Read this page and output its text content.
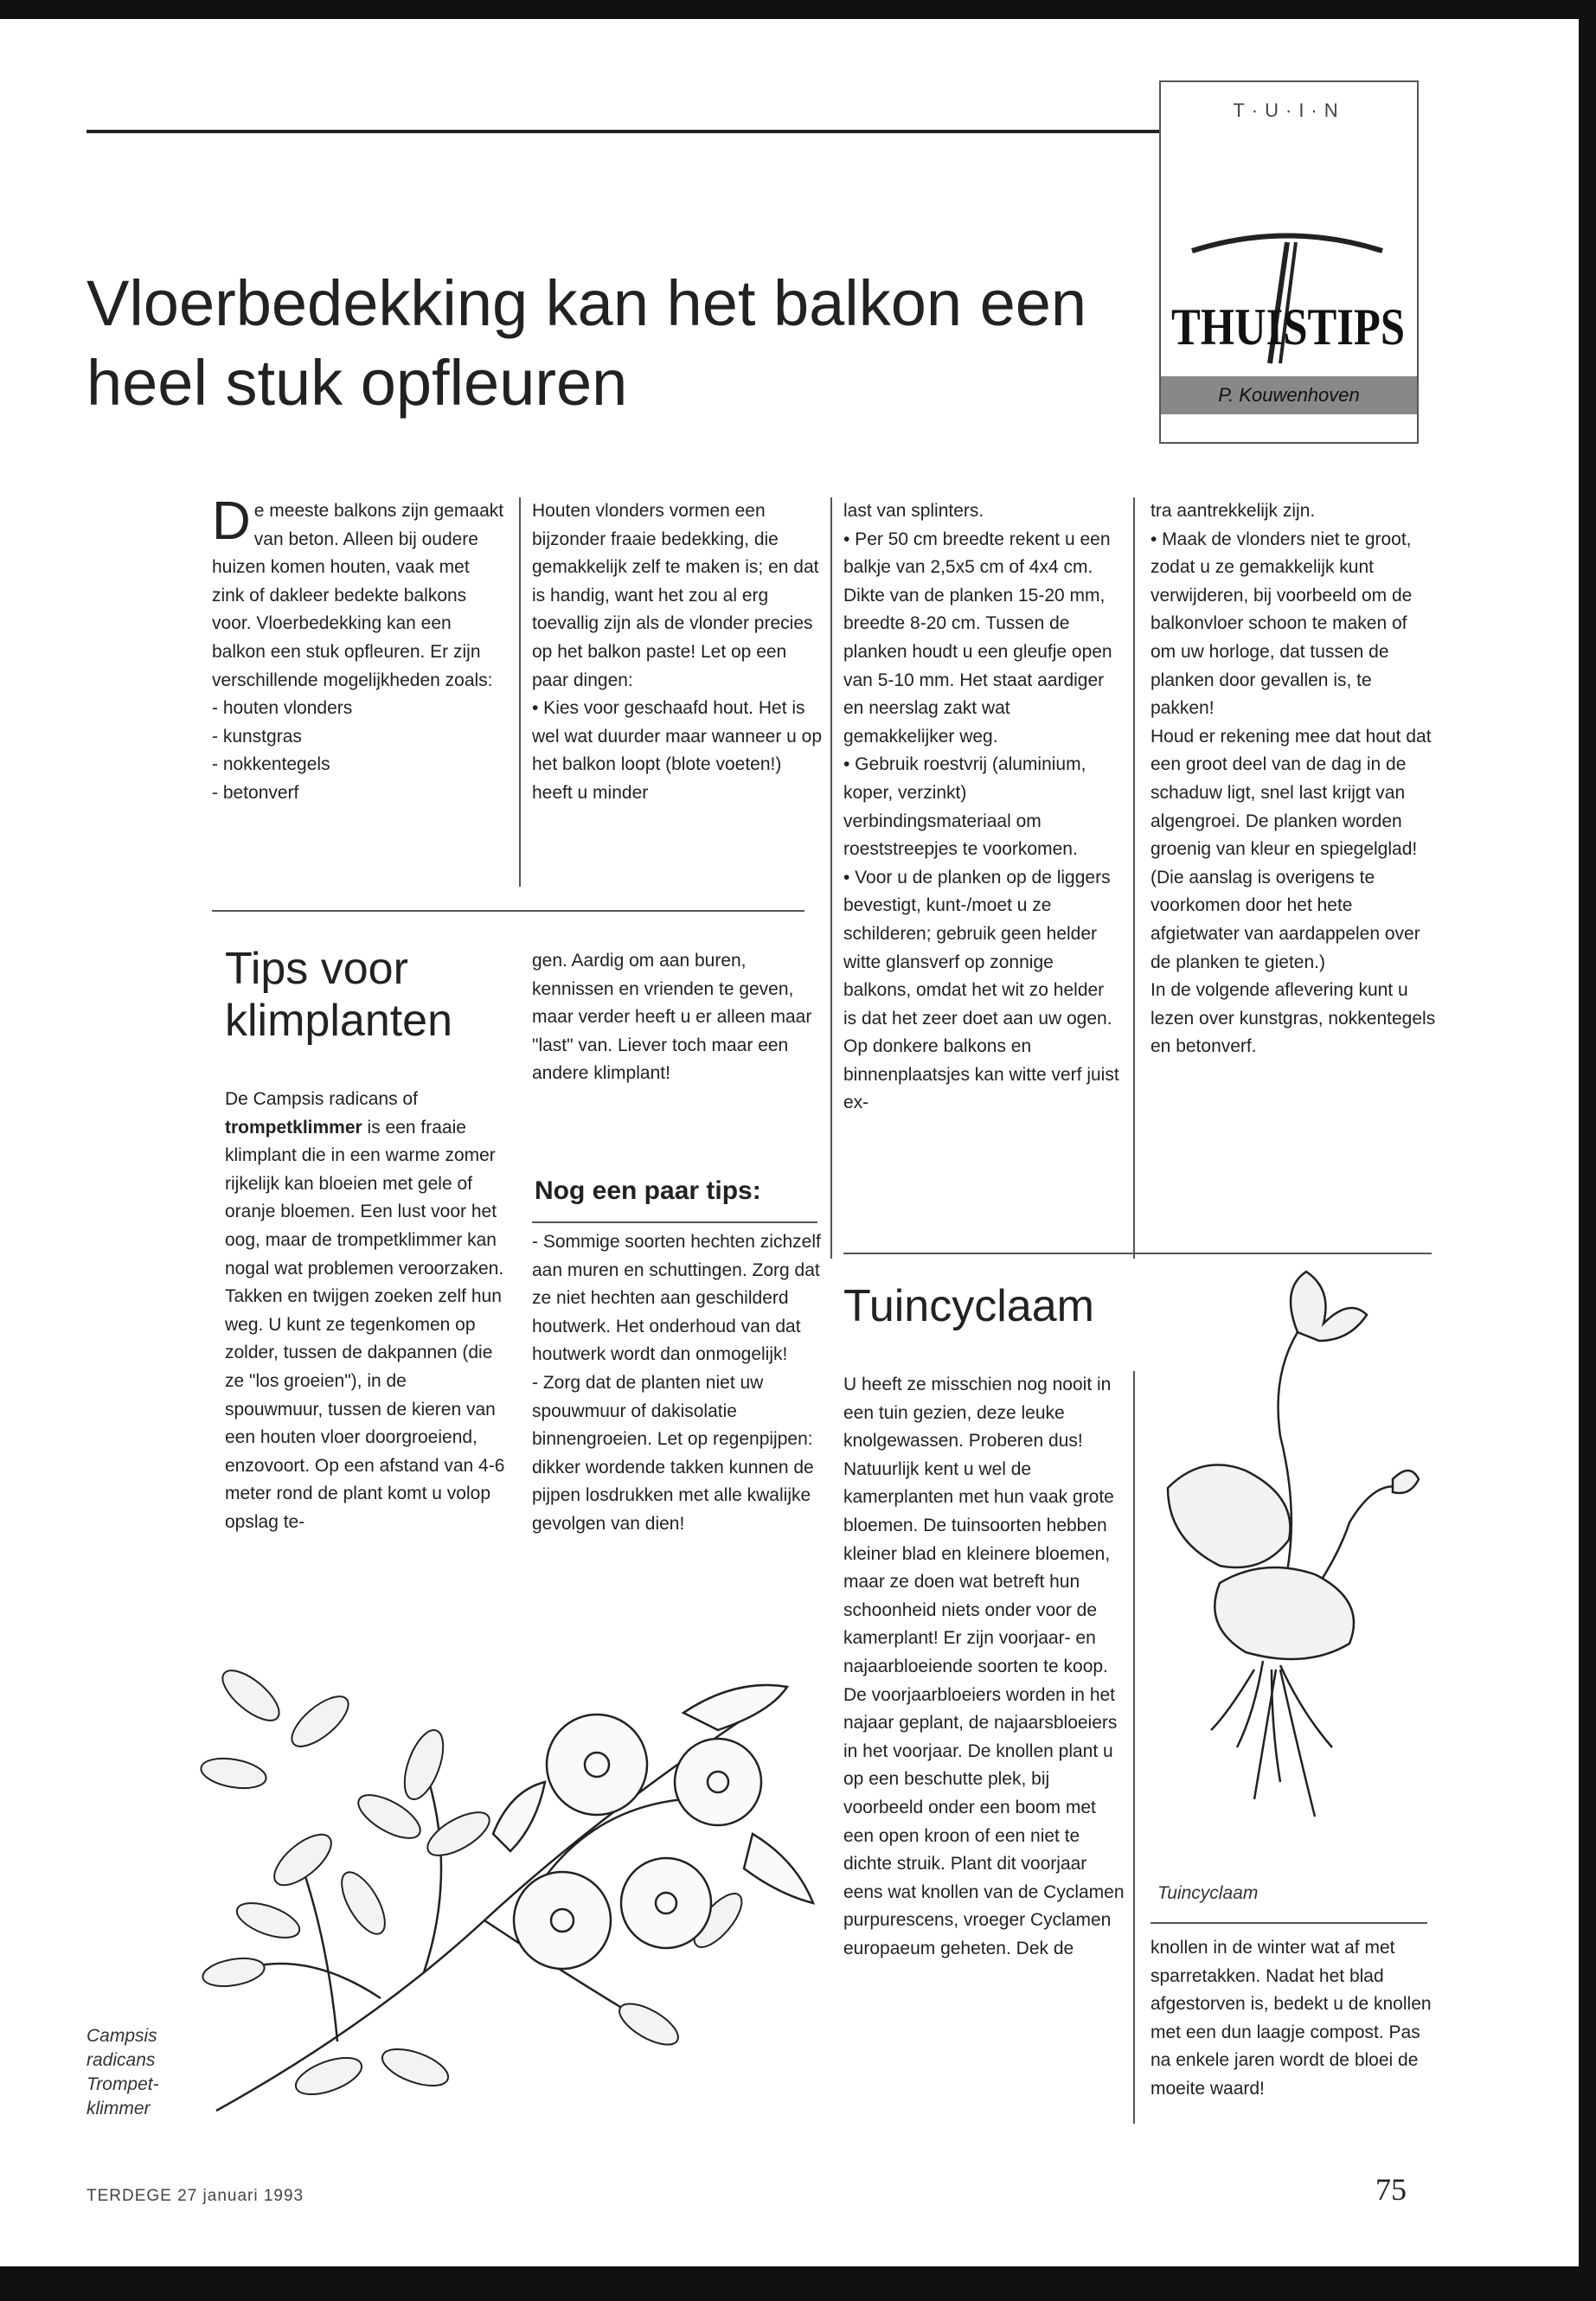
Vloerbedekking kan het balkon een heel stuk opfleuren
T·U·I·N
THUISTIPS
P. Kouwenhoven

De meeste balkons zijn gemaakt van beton. Alleen bij oudere huizen komen houten, vaak met zink of dakleer bedekte balkons voor. Vloerbedekking kan een balkon een stuk opfleuren. Er zijn verschillende mogelijkheden zoals:

- houten vlonders

- kunstgras

- nokkentegels

- betonverf

Houten vlonders vormen een bijzonder fraaie bedekking, die gemakkelijk zelf te maken is; en dat is handig, want het zou al erg toevallig zijn als de vlonder precies op het balkon paste! Let op een paar dingen:

• Kies voor geschaafd hout. Het is wel wat duurder maar wanneer u op het balkon loopt (blote voeten!) heeft u minder

last van splinters.

• Per 50 cm breedte rekent u een balkje van 2,5x5 cm of 4x4 cm. Dikte van de planken 15-20 mm, breedte 8-20 cm. Tussen de planken houdt u een gleufje open van 5-10 mm. Het staat aardiger en neerslag zakt wat gemakkelijker weg.

• Gebruik roestvrij (aluminium, koper, verzinkt) verbindingsmateriaal om roeststreepjes te voorkomen.

• Voor u de planken op de liggers bevestigt, kunt-/moet u ze schilderen; gebruik geen helder witte glansverf op zonnige balkons, omdat het wit zo helder is dat het zeer doet aan uw ogen. Op donkere balkons en binnenplaatsjes kan witte verf juist ex-

tra aantrekkelijk zijn.

• Maak de vlonders niet te groot, zodat u ze gemakkelijk kunt verwijderen, bij voorbeeld om de balkonvloer schoon te maken of om uw horloge, dat tussen de planken door gevallen is, te pakken!

Houd er rekening mee dat hout dat een groot deel van de dag in de schaduw ligt, snel last krijgt van algengroei. De planken worden groenig van kleur en spiegelglad! (Die aanslag is overigens te voorkomen door het hete afgietwater van aardappelen over de planken te gieten.)

In de volgende aflevering kunt u lezen over kunstgras, nokkentegels en betonverf.

Tips voor klimplanten

De Campsis radicans of trompetklimmer is een fraaie klimplant die in een warme zomer rijkelijk kan bloeien met gele of oranje bloemen. Een lust voor het oog, maar de trompetklimmer kan nogal wat problemen veroorzaken. Takken en twijgen zoeken zelf hun weg. U kunt ze tegenkomen op zolder, tussen de dakpannen (die ze "los groeien"), in de spouwmuur, tussen de kieren van een houten vloer doorgroeiend, enzovoort. Op een afstand van 4-6 meter rond de plant komt u volop opslag te-

gen. Aardig om aan buren, kennissen en vrienden te geven, maar verder heeft u er alleen maar "last" van. Liever toch maar een andere klimplant!

Nog een paar tips:

- Sommige soorten hechten zichzelf aan muren en schuttingen. Zorg dat ze niet hechten aan geschilderd houtwerk. Het onderhoud van dat houtwerk wordt dan onmogelijk!

- Zorg dat de planten niet uw spouwmuur of dakisolatie binnengroeien. Let op regenpijpen: dikker wordende takken kunnen de pijpen losdrukken met alle kwalijke gevolgen van dien!

Campsis radicans Trompet-klimmer
Tuincyclaam

U heeft ze misschien nog nooit in een tuin gezien, deze leuke knolgewassen. Proberen dus! Natuurlijk kent u wel de kamerplanten met hun vaak grote bloemen. De tuinsoorten hebben kleiner blad en kleinere bloemen, maar ze doen wat betreft hun schoonheid niets onder voor de kamerplant! Er zijn voorjaar- en najaarbloeiende soorten te koop. De voorjaarbloeiers worden in het najaar geplant, de najaarsbloeiers in het voorjaar. De knollen plant u op een beschutte plek, bij voorbeeld onder een boom met een open kroon of een niet te dichte struik. Plant dit voorjaar eens wat knollen van de Cyclamen purpurescens, vroeger Cyclamen europaeum geheten. Dek de

Tuincyclaam

knollen in de winter wat af met sparretakken. Nadat het blad afgestorven is, bedekt u de knollen met een dun laagje compost. Pas na enkele jaren wordt de bloei de moeite waard!

TERDEGE 27 januari 1993	75
